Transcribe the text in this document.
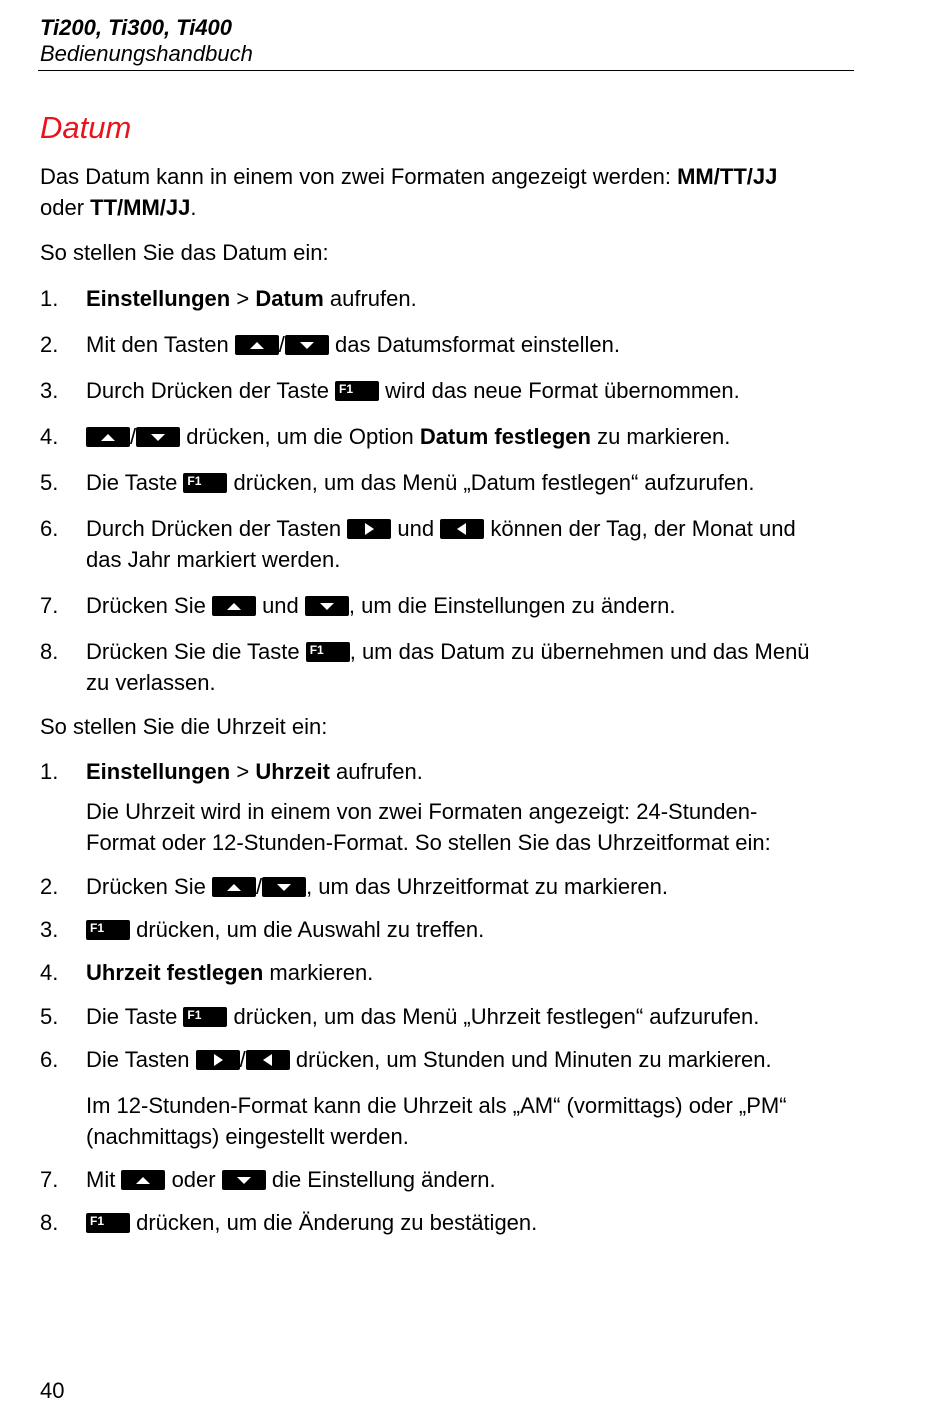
Ti200, Ti300, Ti400
Bedienungshandbuch
Datum
Das Datum kann in einem von zwei Formaten angezeigt werden: MM/TT/JJ
oder TT/MM/JJ.
So stellen Sie das Datum ein:
1. Einstellungen > Datum aufrufen.
2. Mit den Tasten
/
das Datumsformat einstellen.
3. Durch Drücken der Taste F1 wird das neue Format übernommen.
4.	/
drücken, um die Option Datum festlegen zu markieren.
5. Die Taste F1 drücken, um das Menü „Datum festlegen“ aufzurufen.
6. Durch Drücken der Tasten
und
können der Tag, der Monat und
das Jahr markiert werden.
7. Drücken Sie
und
, um die Einstellungen zu ändern.
8. Drücken Sie die Taste F1 , um das Datum zu übernehmen und das Menü
zu verlassen.
So stellen Sie die Uhrzeit ein:
1. Einstellungen > Uhrzeit aufrufen.
Die Uhrzeit wird in einem von zwei Formaten angezeigt: 24-Stunden-
Format oder 12-Stunden-Format. So stellen Sie das Uhrzeitformat ein:
2. Drücken Sie
/ , um das Uhrzeitformat zu markieren.
3.	F1 drücken, um die Auswahl zu treffen.
4. Uhrzeit festlegen markieren.
5. Die Taste F1 drücken, um das Menü „Uhrzeit festlegen“ aufzurufen.
6. Die Tasten
/
drücken, um Stunden und Minuten zu markieren.
Im 12-Stunden-Format kann die Uhrzeit als „AM“ (vormittags) oder „PM“
(nachmittags) eingestellt werden.
7. Mit
oder
die Einstellung ändern.
8.	F1 drücken, um die Änderung zu bestätigen.
40
